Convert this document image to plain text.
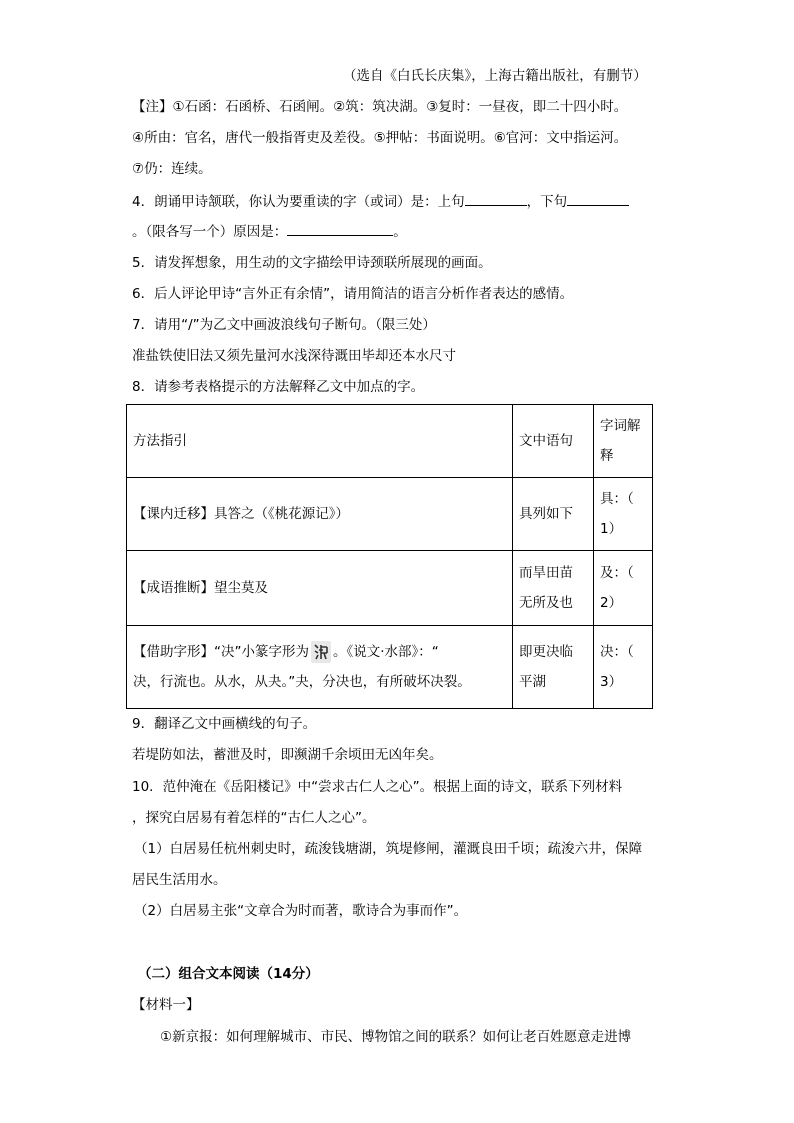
（选自《白氏长庆集》，上海古籍出版社，有删节）
【注】①石函：石函桥、石函闸。②筑：筑决湖。③复时：一昼夜，即二十四小时。
④所由：官名，唐代一般指胥吏及差役。⑤押帖：书面说明。⑥官河：文中指运河。
⑦仍：连续。
4．朗诵甲诗颔联，你认为要重读的字（或词）是：上句	，下句
。（限各写一个）原因是：	。
5．请发挥想象，用生动的文字描绘甲诗颈联所展现的画面。
6．后人评论甲诗“言外正有余情”，请用简洁的语言分析作者表达的感情。
7．请用“/”为乙文中画波浪线句子断句。（限三处）
准盐铁使旧法又须先量河水浅深待溉田毕却还本水尺寸
8．请参考表格提示的方法解释乙文中加点的字。
方法指引	文中语句	字词解
释
【课内迁移】具答之（《桃花源记》）	具列如下	具：（
1）
【成语推断】望尘莫及	而旱田苗
无所及也	及：（
2）
【借助字形】“决”小篆字形为 。《说文·水部》：“
决，行流也。从水，从夬。”夬，分决也，有所破坏决裂。	即更决临
平湖	决：（
3）
9．翻译乙文中画横线的句子。
若堤防如法，蓄泄及时，即濒湖千余顷田无凶年矣。
10．范仲淹在《岳阳楼记》中“尝求古仁人之心”。根据上面的诗文，联系下列材料
，探究白居易有着怎样的“古仁人之心”。
（1）白居易任杭州刺史时，疏浚钱塘湖，筑堤修闸，灌溉良田千顷；疏浚六井，保障
居民生活用水。
（2）白居易主张“文章合为时而著，歌诗合为事而作”。
（二）组合文本阅读（14分）
【材料一】
①新京报：如何理解城市、市民、博物馆之间的联系？如何让老百姓愿意走进博
